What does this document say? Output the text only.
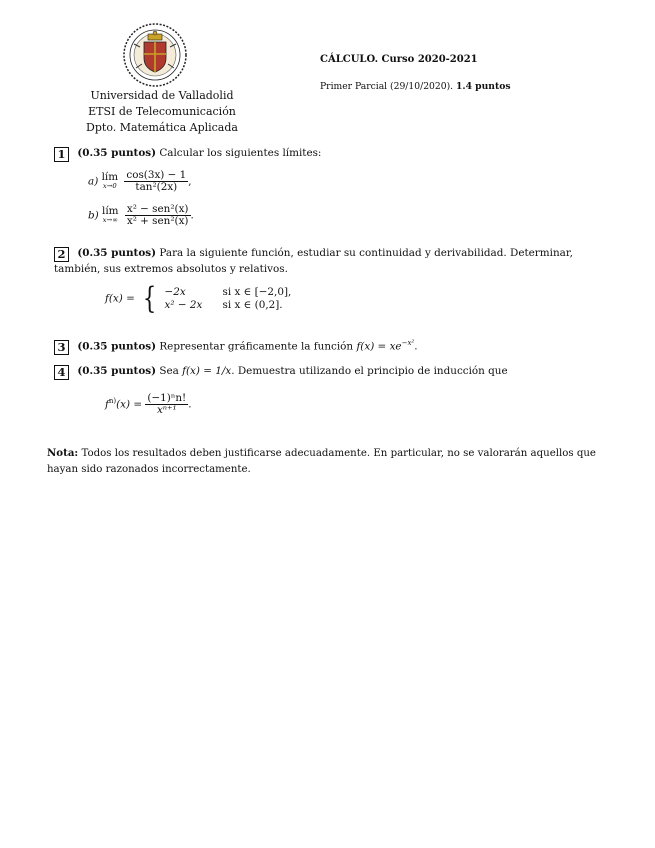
Universidad de Valladolid
ETSI de Telecomunicación
Dpto. Matemática Aplicada
CÁLCULO. Curso 2020-2021
Primer Parcial (29/10/2020). 1.4 puntos
1 (0.35 puntos) Calcular los siguientes límites:
a) lím
x→0
$\frac{\cos(3x) - 1}{\text{tan²(2x)}}$ ,
b) lím
x→∞
$\frac{\text{x² − sen²(x)}}{\text{x² + sen²(x)}}$ .
2 (0.35 puntos) Para la siguiente función, estudiar su continuidad y derivabilidad. Determinar, también, sus extremos absolutos y relativos.
f(x) = { −2x	si x ∈ [−2,0],
x² − 2x	si x ∈ (0,2].
3 (0.35 puntos) Representar gráficamente la función $f(x) = xe^{-x^2}$.
4 (0.35 puntos) Sea f(x) = 1/x. Demuestra utilizando el principio de inducción que
$f^{n)}(x) = \frac{\text{(−1)ⁿn!}}{\text{xⁿ⁺¹}}$ .
Nota: Todos los resultados deben justificarse adecuadamente. En particular, no se valorarán aquellos que hayan sido razonados incorrectamente.
